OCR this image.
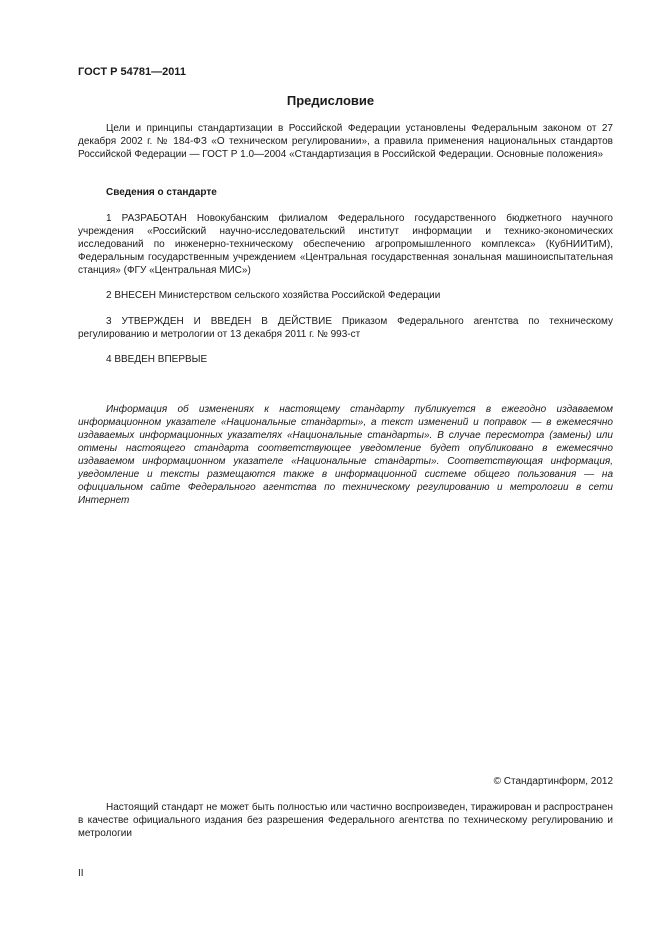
ГОСТ Р 54781—2011
Предисловие
Цели и принципы стандартизации в Российской Федерации установлены Федеральным законом от 27 декабря 2002 г. № 184-ФЗ «О техническом регулировании», а правила применения национальных стандартов Российской Федерации — ГОСТ Р 1.0—2004 «Стандартизация в Российской Федерации. Основные положения»
Сведения о стандарте
1 РАЗРАБОТАН Новокубанским филиалом Федерального государственного бюджетного научного учреждения «Российский научно-исследовательский институт информации и технико-экономических исследований по инженерно-техническому обеспечению агропромышленного комплекса» (КубНИИТиМ), Федеральным государственным учреждением «Центральная государственная зональная машиноиспытательная станция» (ФГУ «Центральная МИС»)
2 ВНЕСЕН Министерством сельского хозяйства Российской Федерации
3 УТВЕРЖДЕН И ВВЕДЕН В ДЕЙСТВИЕ Приказом Федерального агентства по техническому регулированию и метрологии от 13 декабря 2011 г. № 993-ст
4 ВВЕДЕН ВПЕРВЫЕ
Информация об изменениях к настоящему стандарту публикуется в ежегодно издаваемом информационном указателе «Национальные стандарты», а текст изменений и поправок — в ежемесячно издаваемых информационных указателях «Национальные стандарты». В случае пересмотра (замены) или отмены настоящего стандарта соответствующее уведомление будет опубликовано в ежемесячно издаваемом информационном указателе «Национальные стандарты». Соответствующая информация, уведомление и тексты размещаются также в информационной системе общего пользования — на официальном сайте Федерального агентства по техническому регулированию и метрологии в сети Интернет
© Стандартинформ, 2012
Настоящий стандарт не может быть полностью или частично воспроизведен, тиражирован и распространен в качестве официального издания без разрешения Федерального агентства по техническому регулированию и метрологии
II
